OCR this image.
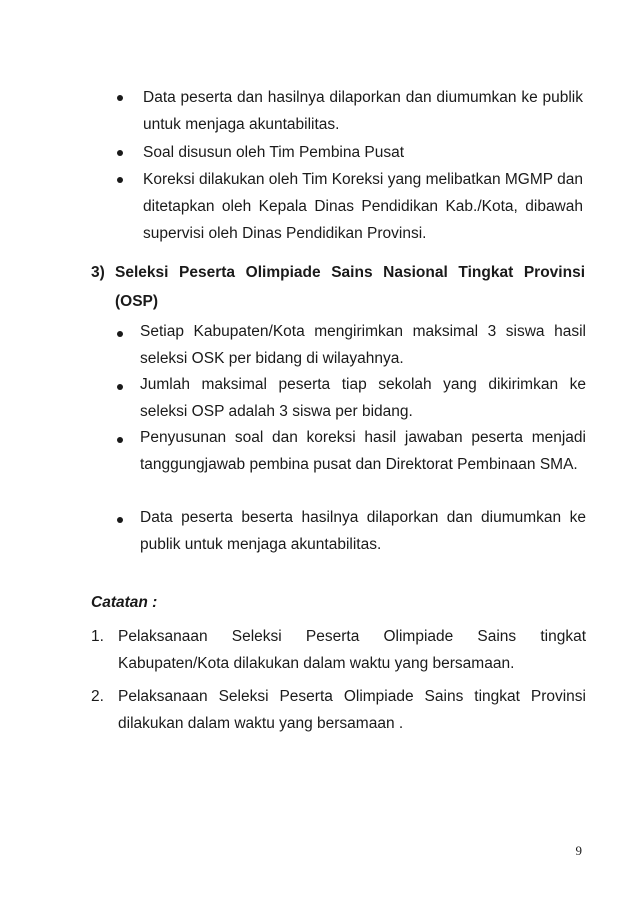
Data peserta dan hasilnya dilaporkan dan diumumkan ke publik untuk menjaga akuntabilitas.
Soal disusun oleh Tim Pembina Pusat
Koreksi dilakukan oleh Tim Koreksi yang melibatkan MGMP dan ditetapkan oleh Kepala Dinas Pendidikan Kab./Kota, dibawah supervisi oleh Dinas Pendidikan Provinsi.
3) Seleksi Peserta Olimpiade Sains Nasional Tingkat Provinsi (OSP)
Setiap Kabupaten/Kota mengirimkan maksimal 3 siswa hasil seleksi OSK per bidang di wilayahnya.
Jumlah maksimal peserta tiap sekolah yang dikirimkan ke seleksi OSP adalah 3 siswa per bidang.
Penyusunan soal dan koreksi hasil jawaban peserta menjadi tanggungjawab pembina pusat dan Direktorat Pembinaan SMA.
Data peserta beserta hasilnya dilaporkan dan diumumkan ke publik untuk menjaga akuntabilitas.
Catatan :
1. Pelaksanaan Seleksi Peserta Olimpiade Sains tingkat Kabupaten/Kota dilakukan dalam waktu yang bersamaan.
2. Pelaksanaan Seleksi Peserta Olimpiade Sains tingkat Provinsi dilakukan dalam waktu yang bersamaan .
9
